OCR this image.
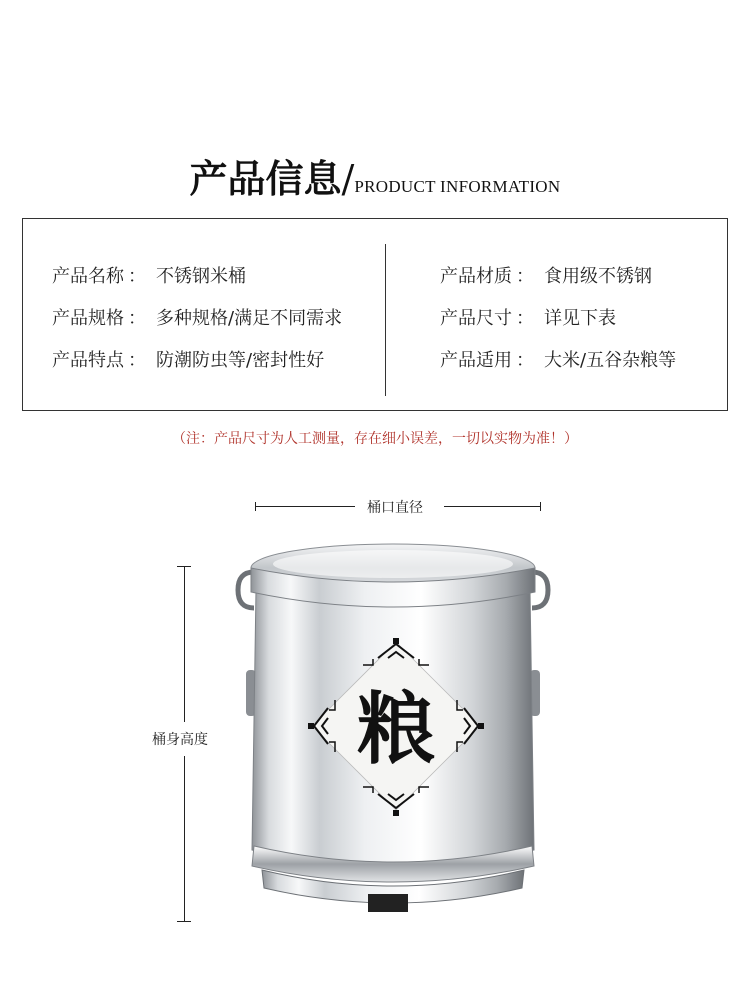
产品信息/PRODUCT INFORMATION
产品名称 ： 不锈钢米桶
产品规格 ： 多种规格/满足不同需求
产品特点 ： 防潮防虫等/密封性好
产品材质 ： 食用级不锈钢
产品尺寸 ： 详见下表
产品适用 ： 大米/五谷杂粮等
（注：产品尺寸为人工测量，存在细小误差，一切以实物为准！）
桶口直径
桶身高度 粮
